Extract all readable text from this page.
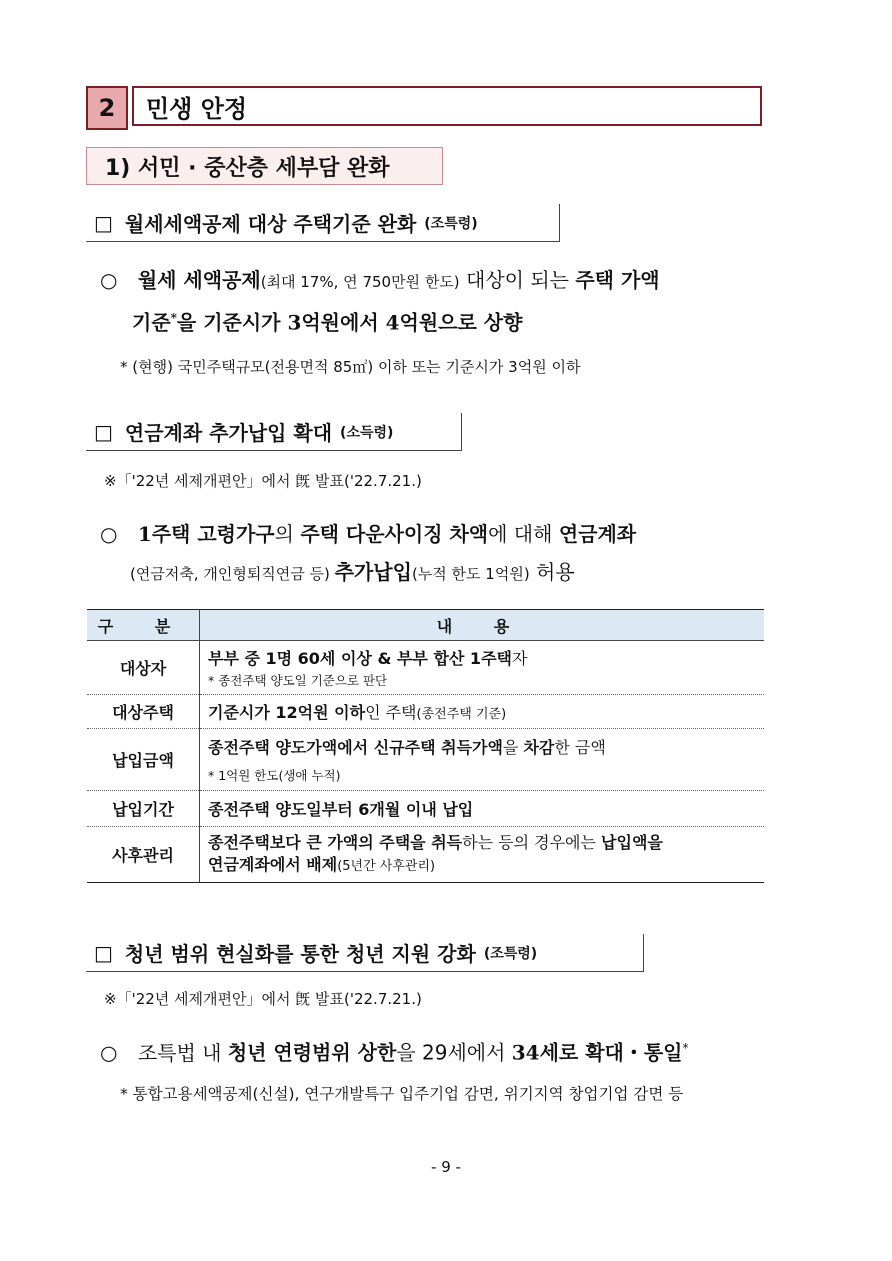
2	민생 안정
1) 서민 · 중산층 세부담 완화
□ 월세세액공제 대상 주택기준 완화 (조특령)
○ 월세 세액공제(최대 17%, 연 750만원 한도) 대상이 되는 주택 가액
기준*을 기준시가 3억원에서 4억원으로 상향
* (현행) 국민주택규모(전용면적 85㎡) 이하 또는 기준시가 3억원 이하
□ 연금계좌 추가납입 확대 (소득령)
※「'22년 세제개편안」에서 旣 발표('22.7.21.)
○ 1주택 고령가구의 주택 다운사이징 차액에 대해 연금계좌
(연금저축, 개인형퇴직연금 등) 추가납입(누적 한도 1억원) 허용
구 분	내 용
대상자	부부 중 1명 60세 이상 & 부부 합산 1주택자
* 종전주택 양도일 기준으로 판단

대상주택	기준시가 12억원 이하인 주택(종전주택 기준)
납입금액	종전주택 양도가액에서 신규주택 취득가액을 차감한 금액
* 1억원 한도(생애 누적)

납입기간	종전주택 양도일부터 6개월 이내 납입
사후관리	종전주택보다 큰 가액의 주택을 취득하는 등의 경우에는 납입액을
연금계좌에서 배제(5년간 사후관리)
□ 청년 범위 현실화를 통한 청년 지원 강화 (조특령)
※「'22년 세제개편안」에서 旣 발표('22.7.21.)
○ 조특법 내 청년 연령범위 상한을 29세에서 34세로 확대・통일*
* 통합고용세액공제(신설), 연구개발특구 입주기업 감면, 위기지역 창업기업 감면 등
- 9 -
